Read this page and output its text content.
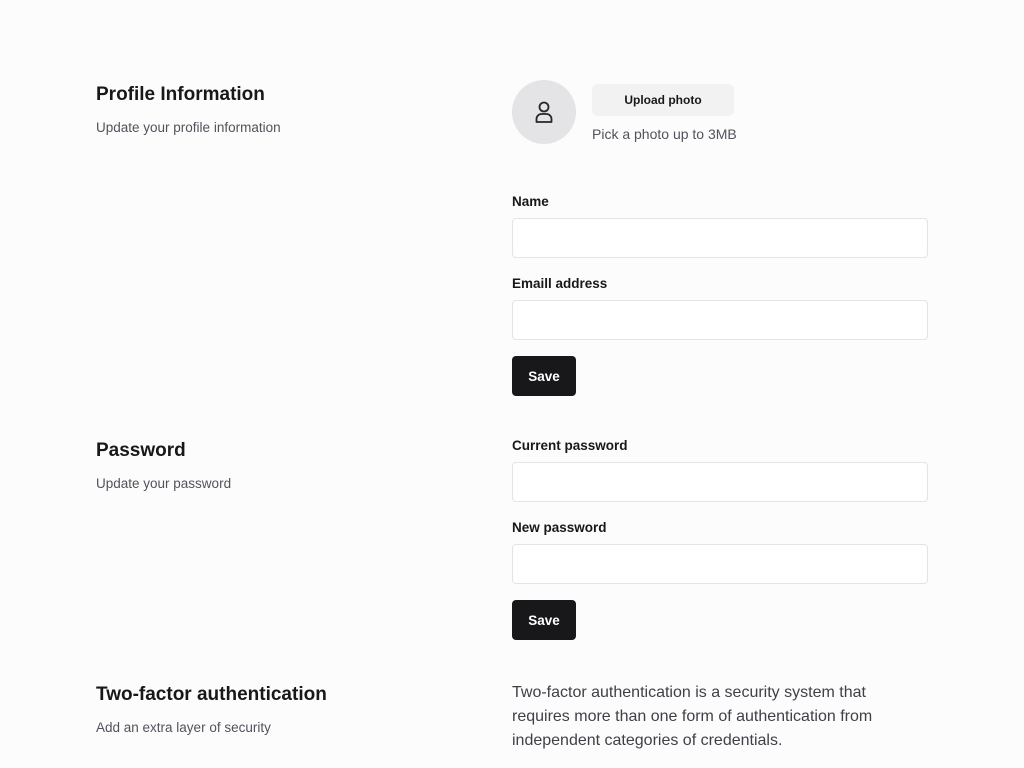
Profile Information

Update your profile information

Upload photo

Pick a photo up to 3MB

Name
Emaill address
Save
Password

Update your password

Current password
New password
Save
Two-factor authentication

Add an extra layer of security

Two-factor authentication is a security system that requires more than one form of authentication from independent categories of credentials.
